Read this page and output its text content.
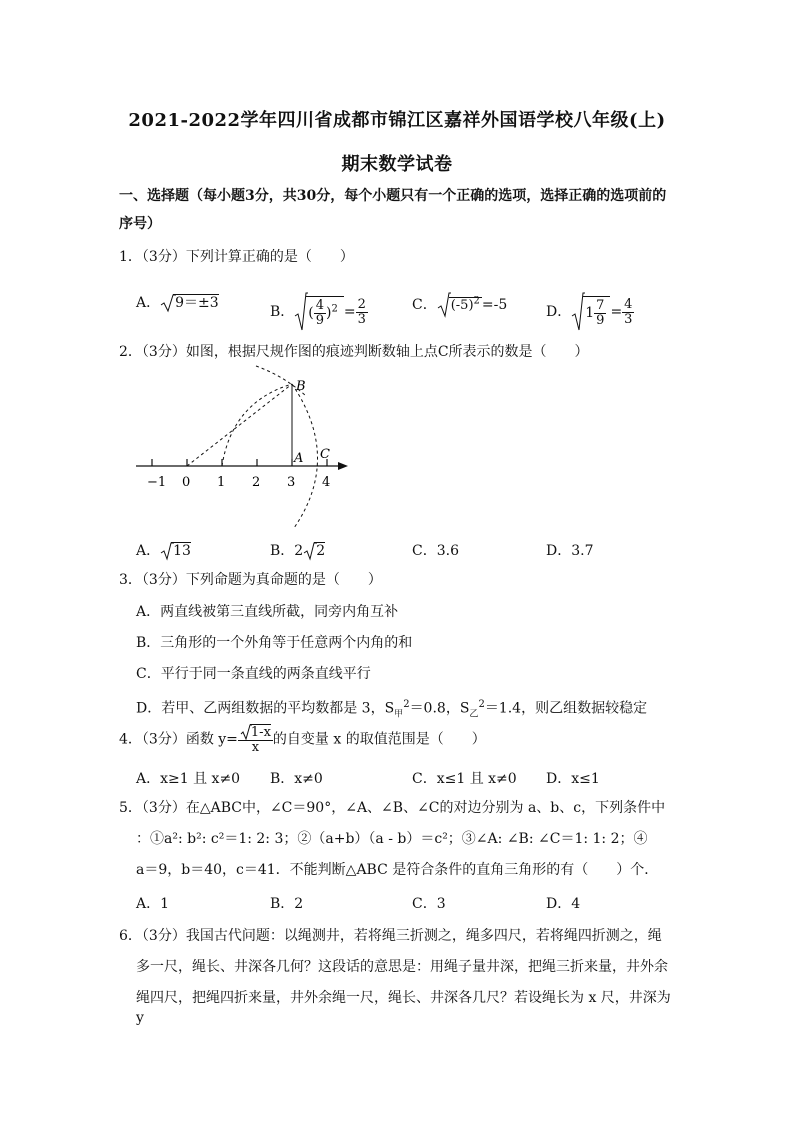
2021-2022学年四川省成都市锦江区嘉祥外国语学校八年级(上)
期末数学试卷
一、选择题（每小题3分，共30分，每个小题只有一个正确的选项，选择正确的选项前的
序号）
1．（3分）下列计算正确的是（　　）
A． 9＝±3
B． ( $\frac{4}{9} )^2 = \frac{2}{3}$	C． $(-5)^2 =-5$	D． $1 \frac{7}{9} = \frac{4}{3}$
2．（3分）如图，根据尺规作图的痕迹判断数轴上点C所表示的数是（　　）
B
A C
−1 0 1 2 3 4
A． 13	B．2 2	C．3.6	D．3.7
3．（3分）下列命题为真命题的是（　　）
A．两直线被第三直线所截，同旁内角互补
B．三角形的一个外角等于任意两个内角的和
C．平行于同一条直线的两条直线平行
D．若甲、乙两组数据的平均数都是 3，$S_甲^2=0.8$，$S_乙^2=1.4$，则乙组数据较稳定
4．（3分）函数 $y= \frac{1-x}{x}$ 的自变量 x 的取值范围是（　　）
A．x≥1 且 x≠0 B．x≠0	C．x≤1 且 x≠0 D．x≤1
5．（3分）在△ABC中，∠C＝90°，∠A、∠B、∠C的对边分别为 a、b、c，下列条件中
：①a²: b²: c²＝1: 2: 3；②（a+b）（a - b）＝c²；③∠A: ∠B: ∠C＝1: 1: 2；④
a＝9，b＝40，c＝41．不能判断△ABC 是符合条件的直角三角形的有（　　）个．
A．1	B．2	C．3	D．4
6．（3分）我国古代问题：以绳测井，若将绳三折测之，绳多四尺，若将绳四折测之，绳
多一尺，绳长、井深各几何？这段话的意思是：用绳子量井深，把绳三折来量，井外余
绳四尺，把绳四折来量，井外余绳一尺，绳长、井深各几尺？若设绳长为 x 尺，井深为 y
